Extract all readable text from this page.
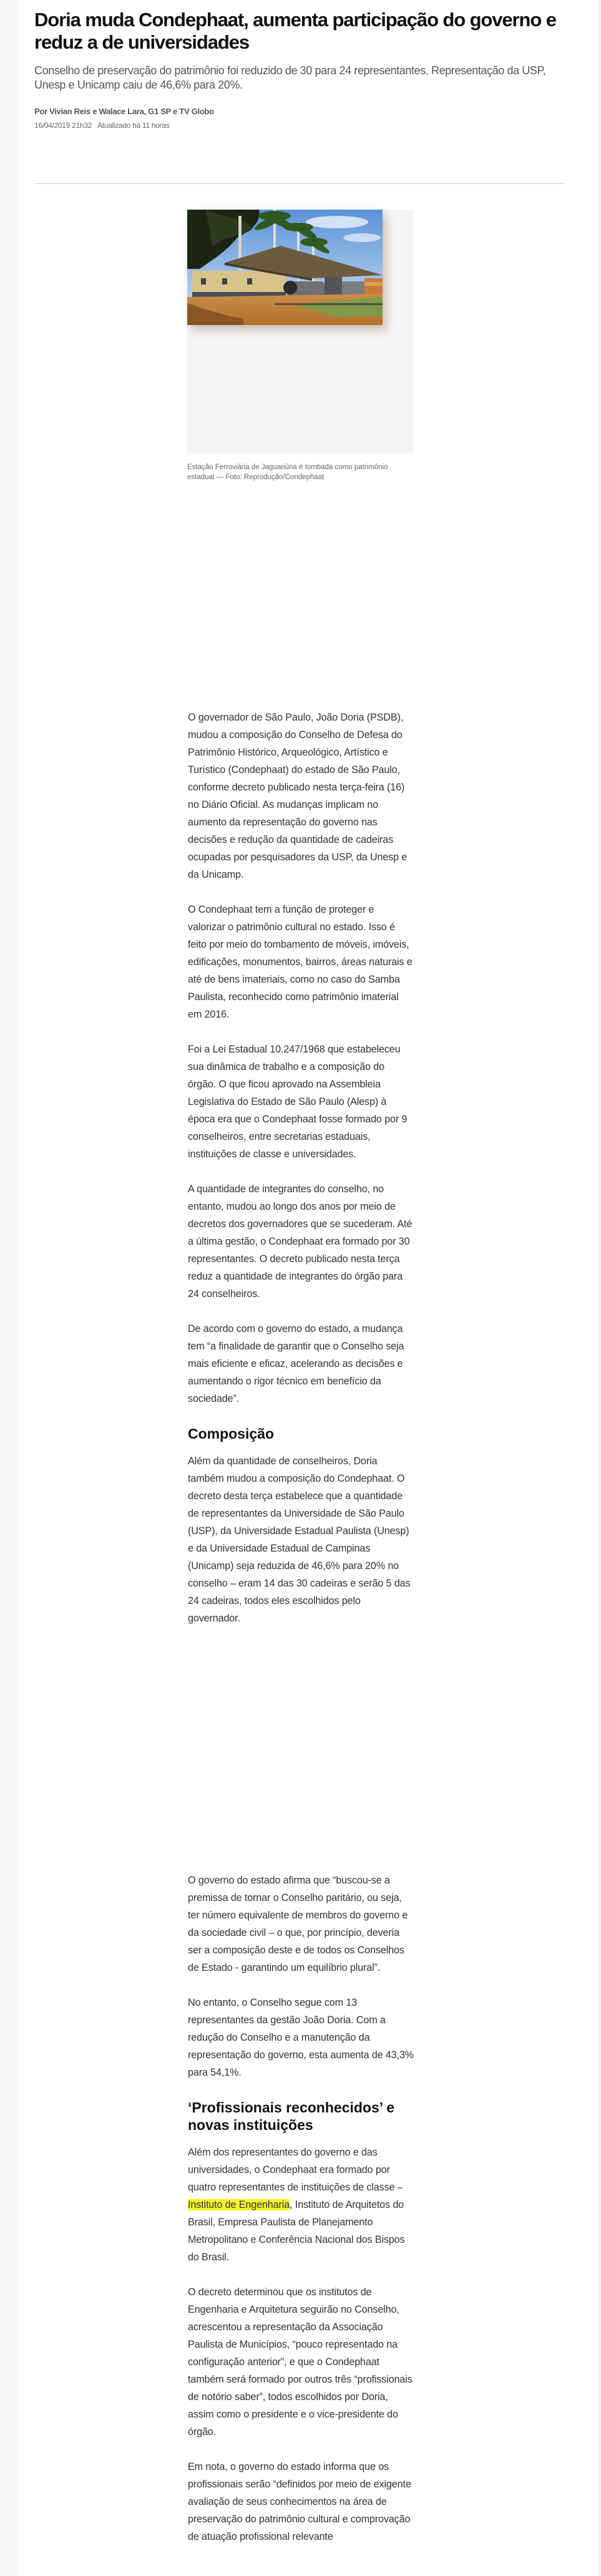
Doria muda Condephaat, aumenta participação do governo e reduz a de universidades
Conselho de preservação do patrimônio foi reduzido de 30 para 24 representantes. Representação da USP, Unesp e Unicamp caiu de 46,6% para 20%.

Por Vivian Reis e Walace Lara, G1 SP e TV Globo

16/04/2019 21h32 Atualizado há 11 horas

Estação Ferroviária de Jaguariúna é tombada como patrimônio estadual — Foto: Reprodução/Condephaat

O governador de São Paulo, João Doria (PSDB), mudou a composição do Conselho de Defesa do Patrimônio Histórico, Arqueológico, Artístico e Turístico (Condephaat) do estado de São Paulo, conforme decreto publicado nesta terça-feira (16) no Diário Oficial. As mudanças implicam no aumento da representação do governo nas decisões e redução da quantidade de cadeiras ocupadas por pesquisadores da USP, da Unesp e da Unicamp.

O Condephaat tem a função de proteger e valorizar o patrimônio cultural no estado. Isso é feito por meio do tombamento de móveis, imóveis, edificações, monumentos, bairros, áreas naturais e até de bens imateriais, como no caso do Samba Paulista, reconhecido como patrimônio imaterial em 2016.

Foi a Lei Estadual 10.247/1968 que estabeleceu sua dinâmica de trabalho e a composição do órgão. O que ficou aprovado na Assembleia Legislativa do Estado de São Paulo (Alesp) à época era que o Condephaat fosse formado por 9 conselheiros, entre secretarias estaduais, instituições de classe e universidades.

A quantidade de integrantes do conselho, no entanto, mudou ao longo dos anos por meio de decretos dos governadores que se sucederam. Até a última gestão, o Condephaat era formado por 30 representantes. O decreto publicado nesta terça reduz a quantidade de integrantes do órgão para 24 conselheiros.

De acordo com o governo do estado, a mudança tem “a finalidade de garantir que o Conselho seja mais eficiente e eficaz, acelerando as decisões e aumentando o rigor técnico em benefício da sociedade”.

Composição

Além da quantidade de conselheiros, Doria também mudou a composição do Condephaat. O decreto desta terça estabelece que a quantidade de representantes da Universidade de São Paulo (USP), da Universidade Estadual Paulista (Unesp) e da Universidade Estadual de Campinas (Unicamp) seja reduzida de 46,6% para 20% no conselho – eram 14 das 30 cadeiras e serão 5 das 24 cadeiras, todos eles escolhidos pelo governador.

O governo do estado afirma que “buscou-se a premissa de tornar o Conselho paritário, ou seja, ter número equivalente de membros do governo e da sociedade civil – o que, por princípio, deveria ser a composição deste e de todos os Conselhos de Estado - garantindo um equilíbrio plural”.

No entanto, o Conselho segue com 13 representantes da gestão João Doria. Com a redução do Conselho e a manutenção da representação do governo, esta aumenta de 43,3% para 54,1%.

‘Profissionais reconhecidos’ e novas instituições

Além dos representantes do governo e das universidades, o Condephaat era formado por quatro representantes de instituições de classe – Instituto de Engenharia, Instituto de Arquitetos do Brasil, Empresa Paulista de Planejamento Metropolitano e Conferência Nacional dos Bispos do Brasil.

O decreto determinou que os institutos de Engenharia e Arquitetura seguirão no Conselho, acrescentou a representação da Associação Paulista de Municípios, “pouco representado na configuração anterior”, e que o Condephaat também será formado por outros três “profissionais de notório saber”, todos escolhidos por Doria, assim como o presidente e o vice-presidente do órgão.

Em nota, o governo do estado informa que os profissionais serão “definidos por meio de exigente avaliação de seus conhecimentos na área de preservação do patrimônio cultural e comprovação de atuação profissional relevante
